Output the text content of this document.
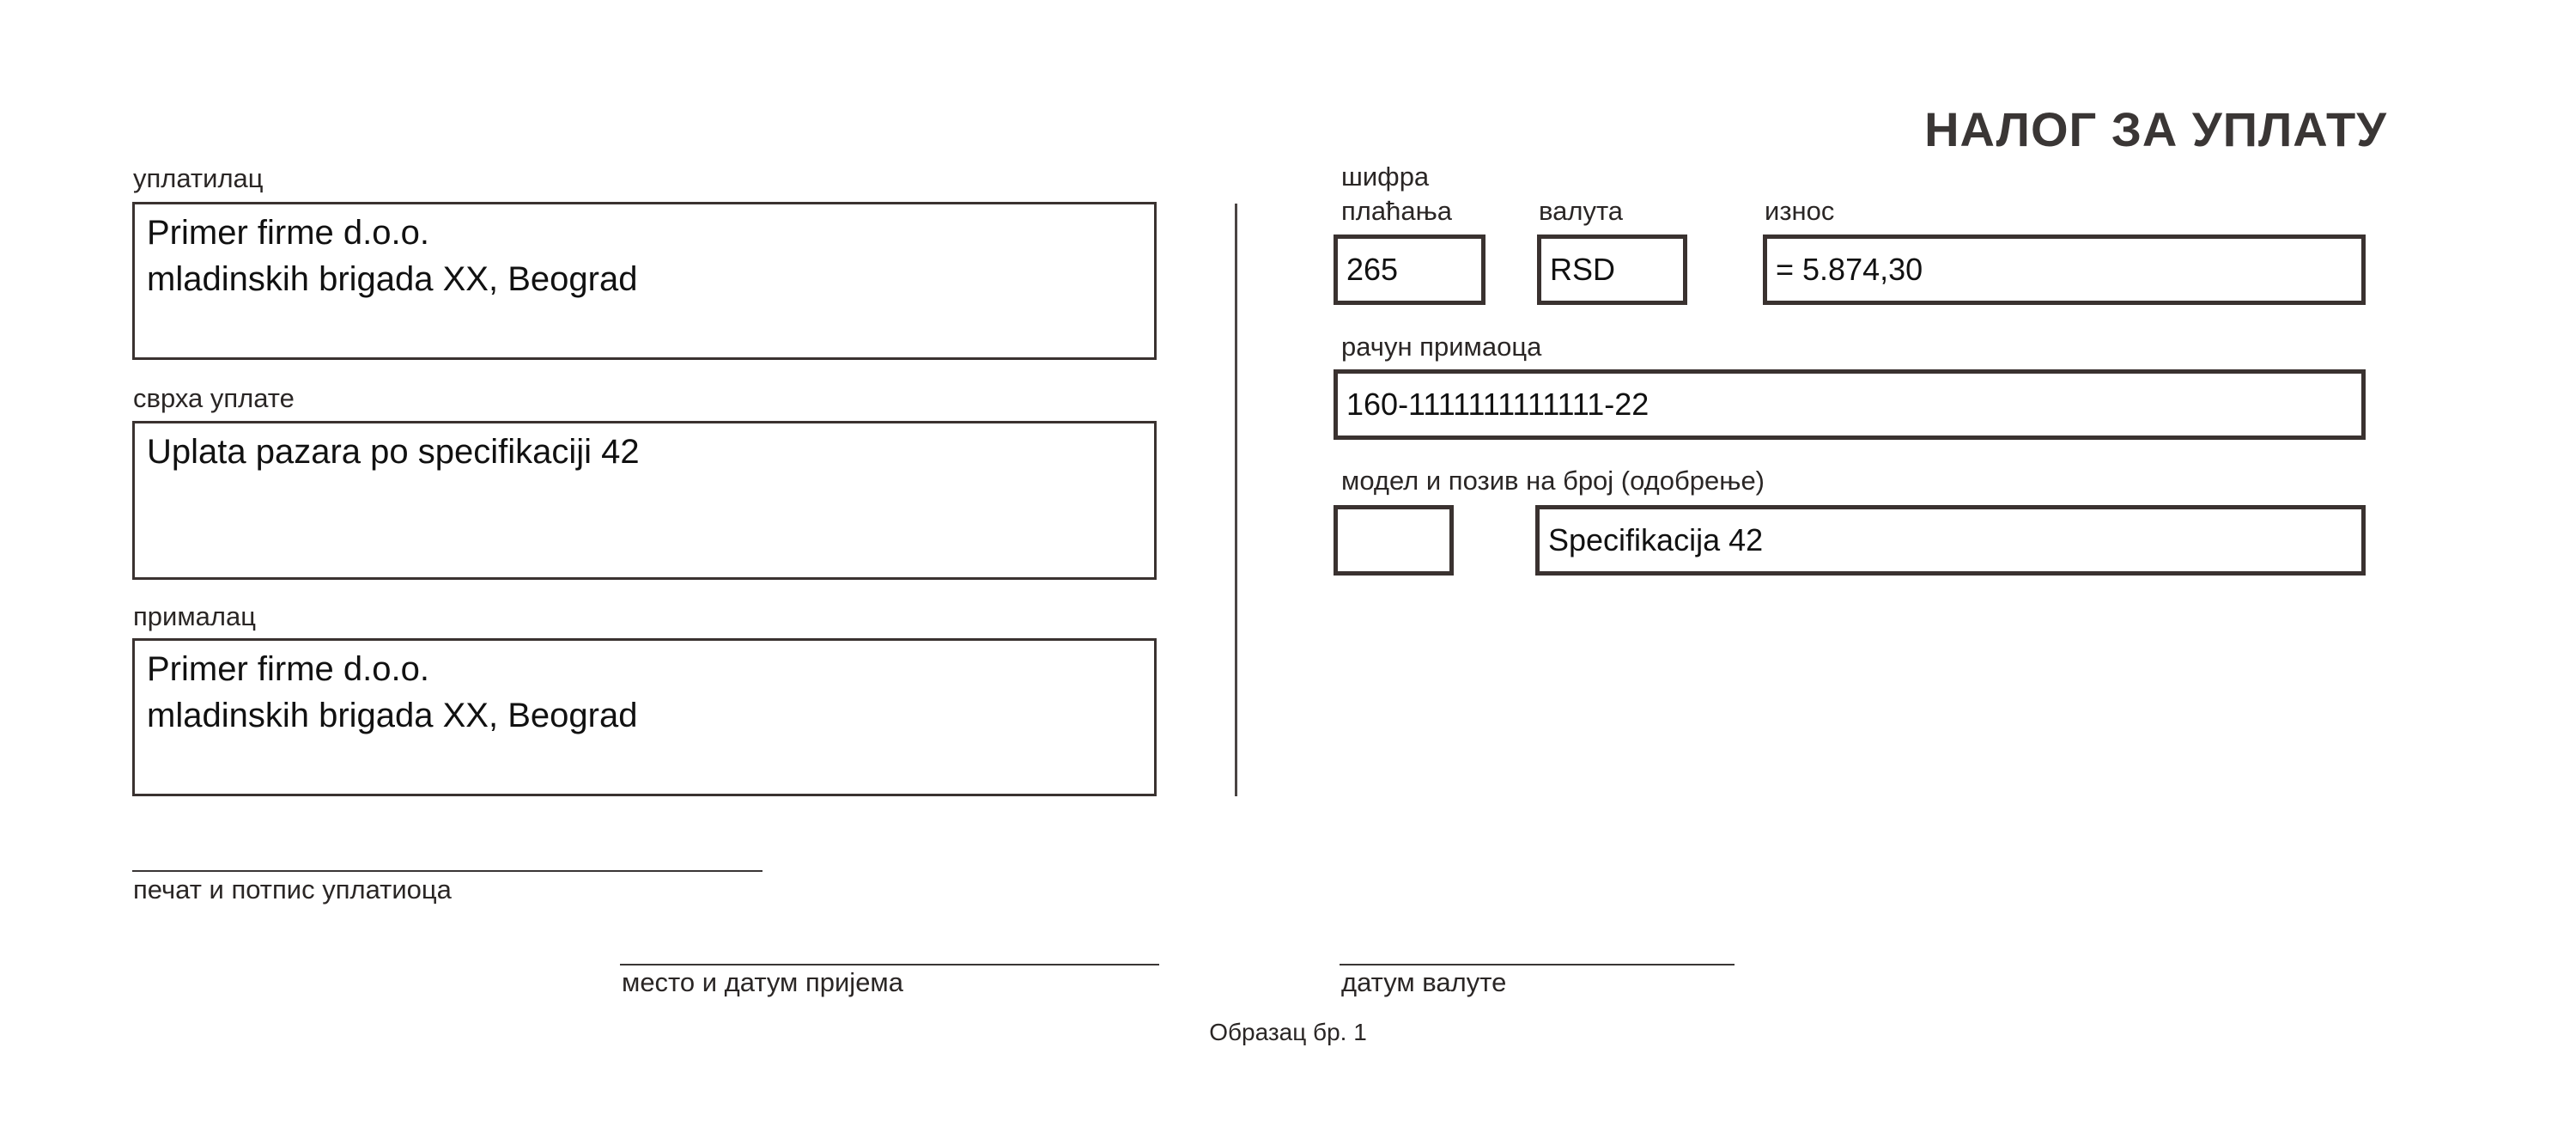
НАЛОГ ЗА УПЛАТУ
уплатилац
Primer firme d.o.o.
mladinskih brigada XX, Beograd
сврха уплате
Uplata pazara po specifikaciji 42
прималац
Primer firme d.o.o.
mladinskih brigada XX, Beograd
шифра
плаћања
265
валута
RSD
износ
= 5.874,30
рачун примаоца
160-1111111111111-22
модел и позив на број (одобрење)
Specifikacija 42
печат и потпис уплатиоца
место и датум пријема	датум валуте
Образац бр. 1
